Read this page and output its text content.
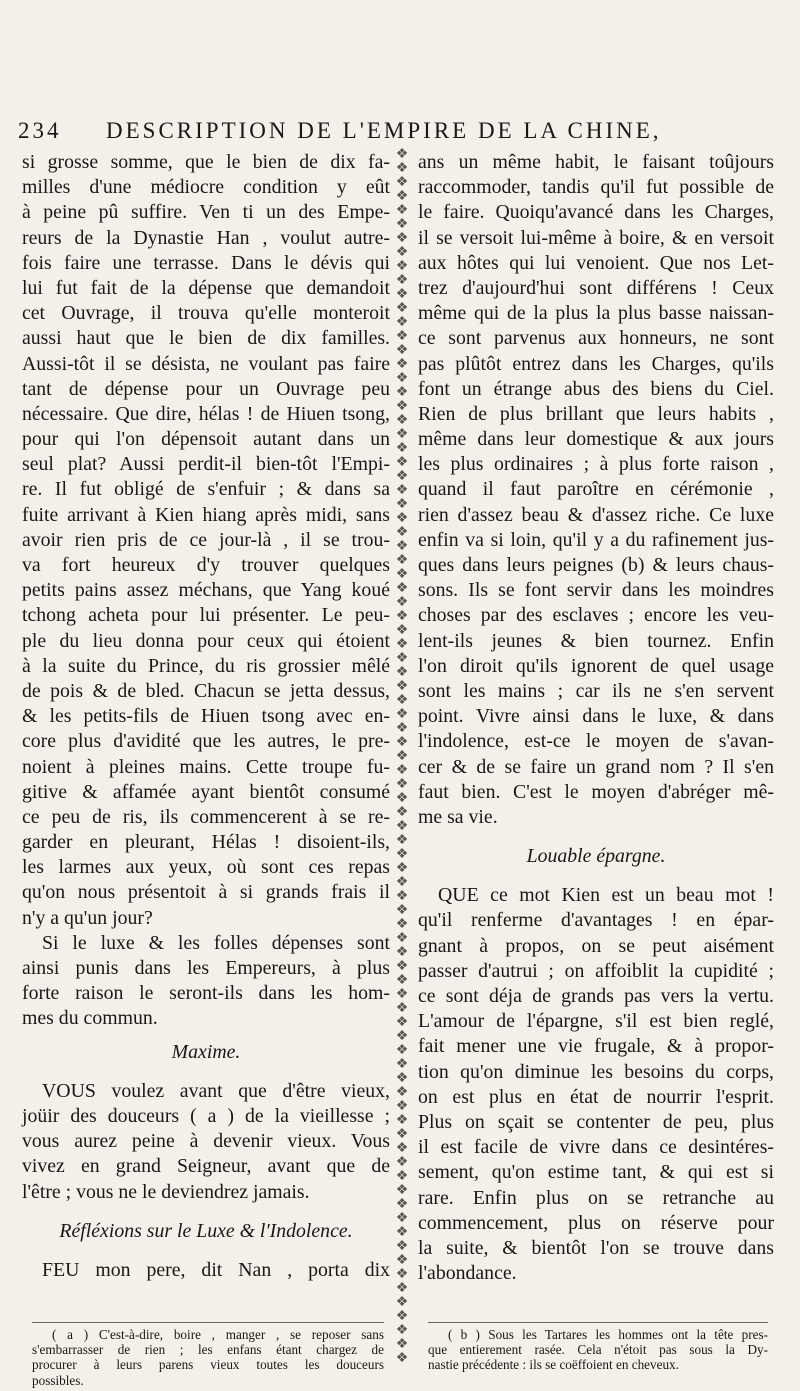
234 DESCRIPTION DE L'EMPIRE DE LA CHINE,
❖
❖
❖
❖
❖
❖
❖
❖
❖
❖
❖
❖
❖
❖
❖
❖
❖
❖
❖
❖
❖
❖
❖
❖
❖
❖
❖
❖
❖
❖
❖
❖
❖
❖
❖
❖
❖
❖
❖
❖
❖
❖
❖
❖
❖
❖
❖
❖
❖
❖
❖
❖
❖
❖
❖
❖
❖
❖
❖
❖
❖
❖
❖
❖
❖
❖
❖
❖
❖
❖
❖
❖
❖
❖
❖
❖
❖
❖
❖
❖
❖
❖
❖
❖
❖
❖
❖
si grosse somme, que le bien de dix fa-
milles d'une médiocre condition y eût
à peine pû suffire. Ven ti un des Empe-
reurs de la Dynastie Han , voulut autre-
fois faire une terrasse. Dans le dévis qui
lui fut fait de la dépense que demandoit
cet Ouvrage, il trouva qu'elle monteroit
aussi haut que le bien de dix familles.
Aussi-tôt il se désista, ne voulant pas faire
tant de dépense pour un Ouvrage peu
nécessaire. Que dire, hélas ! de Hiuen tsong,
pour qui l'on dépensoit autant dans un
seul plat? Aussi perdit-il bien-tôt l'Empi-
re. Il fut obligé de s'enfuir ; & dans sa
fuite arrivant à Kien hiang après midi, sans
avoir rien pris de ce jour-là , il se trou-
va fort heureux d'y trouver quelques
petits pains assez méchans, que Yang koué
tchong acheta pour lui présenter. Le peu-
ple du lieu donna pour ceux qui étoient
à la suite du Prince, du ris grossier mêlé
de pois & de bled. Chacun se jetta dessus,
& les petits-fils de Hiuen tsong avec en-
core plus d'avidité que les autres, le pre-
noient à pleines mains. Cette troupe fu-
gitive & affamée ayant bientôt consumé
ce peu de ris, ils commencerent à se re-
garder en pleurant, Hélas ! disoient-ils,
les larmes aux yeux, où sont ces repas
qu'on nous présentoit à si grands frais il
n'y a qu'un jour?
Si le luxe & les folles dépenses sont
ainsi punis dans les Empereurs, à plus
forte raison le seront-ils dans les hom-
mes du commun.
Maxime.
VOUS voulez avant que d'être vieux,
joüir des douceurs ( a ) de la vieillesse ;
vous aurez peine à devenir vieux. Vous
vivez en grand Seigneur, avant que de
l'être ; vous ne le deviendrez jamais.
Réfléxions sur le Luxe & l'Indolence.
FEU mon pere, dit Nan , porta dix
ans un même habit, le faisant toûjours
raccommoder, tandis qu'il fut possible de
le faire. Quoiqu'avancé dans les Charges,
il se versoit lui-même à boire, & en versoit
aux hôtes qui lui venoient. Que nos Let-
trez d'aujourd'hui sont différens ! Ceux
même qui de la plus la plus basse naissan-
ce sont parvenus aux honneurs, ne sont
pas plûtôt entrez dans les Charges, qu'ils
font un étrange abus des biens du Ciel.
Rien de plus brillant que leurs habits ,
même dans leur domestique & aux jours
les plus ordinaires ; à plus forte raison ,
quand il faut paroître en cérémonie ,
rien d'assez beau & d'assez riche. Ce luxe
enfin va si loin, qu'il y a du rafinement jus-
ques dans leurs peignes (b) & leurs chaus-
sons. Ils se font servir dans les moindres
choses par des esclaves ; encore les veu-
lent-ils jeunes & bien tournez. Enfin
l'on diroit qu'ils ignorent de quel usage
sont les mains ; car ils ne s'en servent
point. Vivre ainsi dans le luxe, & dans
l'indolence, est-ce le moyen de s'avan-
cer & de se faire un grand nom ? Il s'en
faut bien. C'est le moyen d'abréger mê-
me sa vie.
Louable épargne.
QUE ce mot Kien est un beau mot !
qu'il renferme d'avantages ! en épar-
gnant à propos, on se peut aisément
passer d'autrui ; on affoiblit la cupidité ;
ce sont déja de grands pas vers la vertu.
L'amour de l'épargne, s'il est bien reglé,
fait mener une vie frugale, & à propor-
tion qu'on diminue les besoins du corps,
on est plus en état de nourrir l'esprit.
Plus on sçait se contenter de peu, plus
il est facile de vivre dans ce desintéres-
sement, qu'on estime tant, & qui est si
rare. Enfin plus on se retranche au
commencement, plus on réserve pour
la suite, & bientôt l'on se trouve dans
l'abondance.
( a ) C'est-à-dire, boire , manger , se reposer sans
s'embarrasser de rien ; les enfans étant chargez de
procurer à leurs parens vieux toutes les douceurs
possibles.
( b ) Sous les Tartares les hommes ont la tête pres-
que entierement rasée. Cela n'étoit pas sous la Dy-
nastie précédente : ils se coëffoient en cheveux.
